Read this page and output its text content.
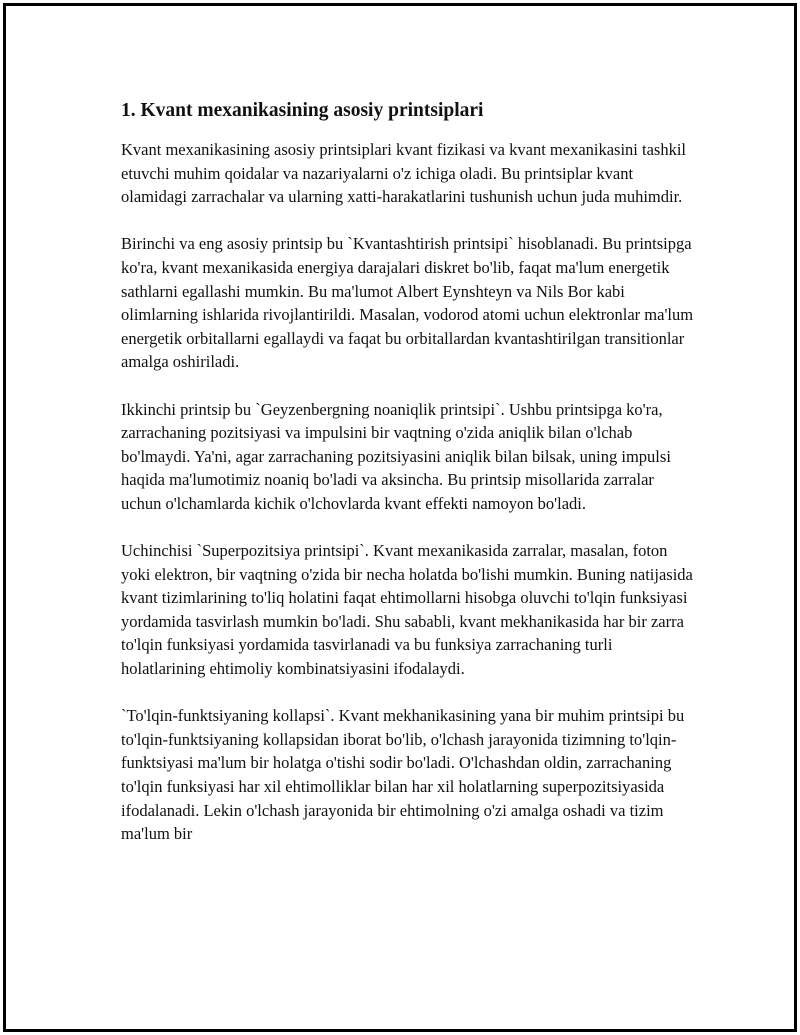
1. Kvant mexanikasining asosiy printsiplari

Kvant mexanikasining asosiy printsiplari kvant fizikasi va kvant mexanikasini tashkil etuvchi muhim qoidalar va nazariyalarni o'z ichiga oladi. Bu printsiplar kvant olamidagi zarrachalar va ularning xatti-harakatlarini tushunish uchun juda muhimdir.

Birinchi va eng asosiy printsip bu `Kvantashtirish printsipi` hisoblanadi. Bu printsipga ko'ra, kvant mexanikasida energiya darajalari diskret bo'lib, faqat ma'lum energetik sathlarni egallashi mumkin. Bu ma'lumot Albert Eynshteyn va Nils Bor kabi olimlarning ishlarida rivojlantirildi. Masalan, vodorod atomi uchun elektronlar ma'lum energetik orbitallarni egallaydi va faqat bu orbitallardan kvantashtirilgan transitionlar amalga oshiriladi.

Ikkinchi printsip bu `Geyzenbergning noaniqlik printsipi`. Ushbu printsipga ko'ra, zarrachaning pozitsiyasi va impulsini bir vaqtning o'zida aniqlik bilan o'lchab bo'lmaydi. Ya'ni, agar zarrachaning pozitsiyasini aniqlik bilan bilsak, uning impulsi haqida ma'lumotimiz noaniq bo'ladi va aksincha. Bu printsip misollarida zarralar uchun o'lchamlarda kichik o'lchovlarda kvant effekti namoyon bo'ladi.

Uchinchisi `Superpozitsiya printsipi`. Kvant mexanikasida zarralar, masalan, foton yoki elektron, bir vaqtning o'zida bir necha holatda bo'lishi mumkin. Buning natijasida kvant tizimlarining to'liq holatini faqat ehtimollarni hisobga oluvchi to'lqin funksiyasi yordamida tasvirlash mumkin bo'ladi. Shu sababli, kvant mekhanikasida har bir zarra to'lqin funksiyasi yordamida tasvirlanadi va bu funksiya zarrachaning turli holatlarining ehtimoliy kombinatsiyasini ifodalaydi.

`To'lqin-funktsiyaning kollapsi`. Kvant mekhanikasining yana bir muhim printsipi bu to'lqin-funktsiyaning kollapsidan iborat bo'lib, o'lchash jarayonida tizimning to'lqin-funktsiyasi ma'lum bir holatga o'tishi sodir bo'ladi. O'lchashdan oldin, zarrachaning to'lqin funksiyasi har xil ehtimolliklar bilan har xil holatlarning superpozitsiyasida ifodalanadi. Lekin o'lchash jarayonida bir ehtimolning o'zi amalga oshadi va tizim ma'lum bir
